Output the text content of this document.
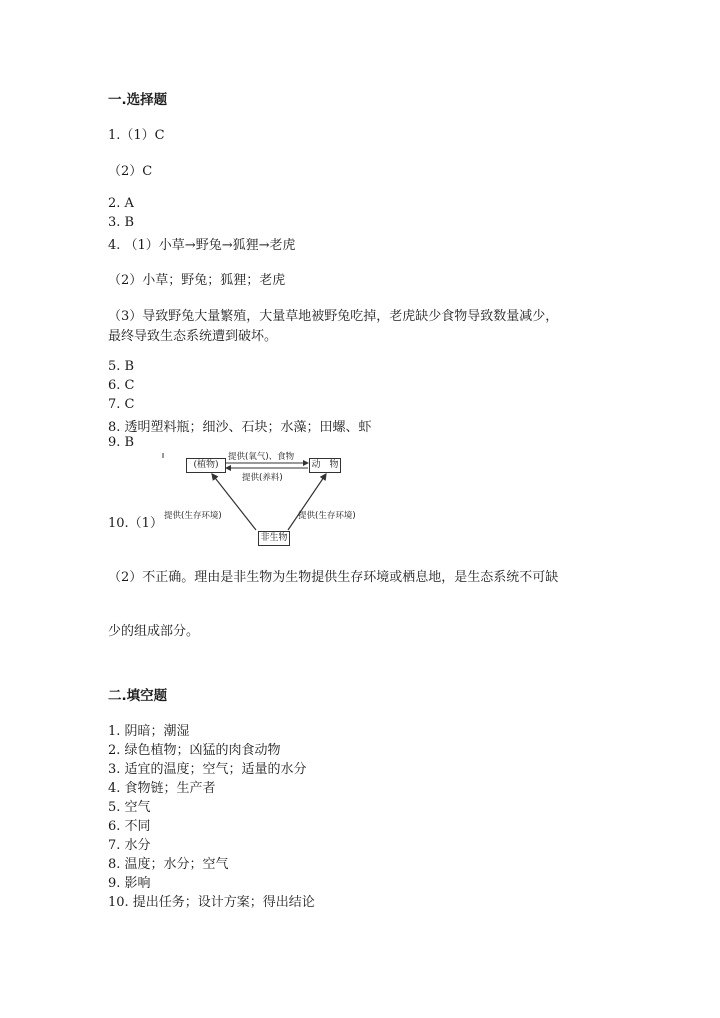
一.选择题
1.（1）C
（2）C
2. A
3. B
4. （1）小草→野兔→狐狸→老虎
（2）小草；野兔；狐狸；老虎
（3）导致野兔大量繁殖，大量草地被野兔吃掉，老虎缺少食物导致数量减少，
最终导致生态系统遭到破坏。
5. B
6. C
7. C
8. 透明塑料瓶；细沙、石块；水藻；田螺、虾
9. B
10.（1）
(植物)	动　物
非生物
提供(氧气)、食物
提供(养料)
提供(生存环境)	提供(生存环境)
（2）不正确。理由是非生物为生物提供生存环境或栖息地，是生态系统不可缺
少的组成部分。
二.填空题
1. 阴暗；潮湿
2. 绿色植物；凶猛的肉食动物
3. 适宜的温度；空气；适量的水分
4. 食物链；生产者
5. 空气
6. 不同
7. 水分
8. 温度；水分；空气
9. 影响
10. 提出任务；设计方案；得出结论
